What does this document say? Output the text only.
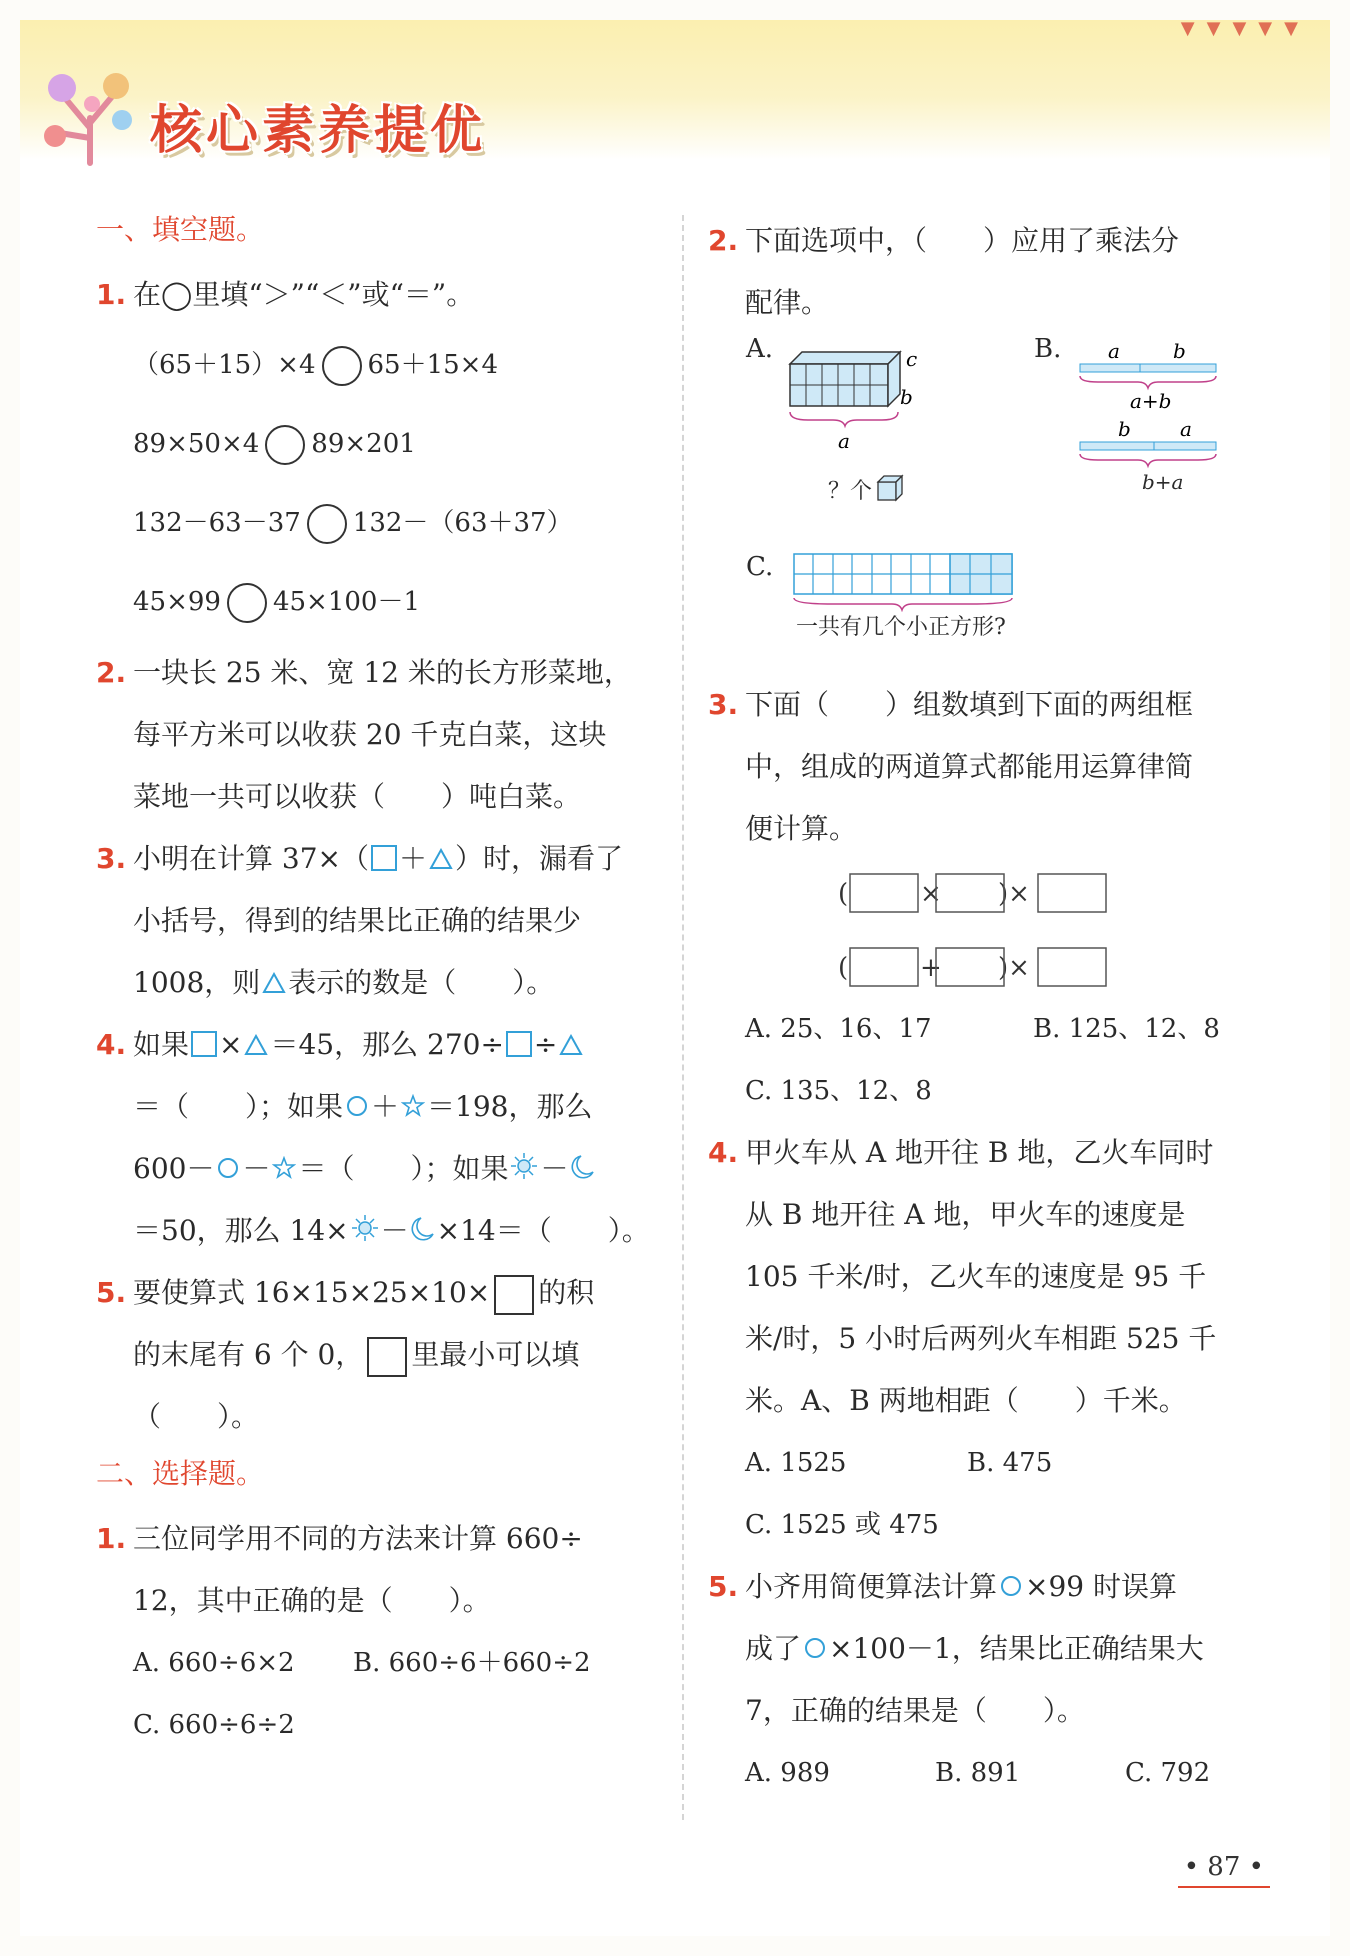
▼▼▼▼▼
核心素养提优
一、填空题。
1. 在◯里填“＞”“＜”或“＝”。
（65＋15）×4 65＋15×4
89×50×4 89×201
132－63－37 132－（63＋37）
45×99 45×100－1
2. 一块长 25 米、宽 12 米的长方形菜地，
每平方米可以收获 20 千克白菜，这块
菜地一共可以收获（　　）吨白菜。
3. 小明在计算 37×（ ＋ ）时，漏看了
小括号，得到的结果比正确的结果少
1008，则 表示的数是（　　）。
4. 如果 × ＝45，那么 270÷ ÷
＝（　　）；如果 ＋ ＝198，那么
600－ － ＝（　　）；如果 －
＝50，那么 14× － ×14＝（　　）。
5. 要使算式 16×15×25×10× 的积
的末尾有 6 个 0， 里最小可以填
（　　）。
二、选择题。
1. 三位同学用不同的方法来计算 660÷
12，其中正确的是（　　）。
A. 660÷6×2 B. 660÷6＋660÷2
C. 660÷6÷2
2. 下面选项中，（　　）应用了乘法分
配律。
A.
a
c
b
？个
B. a	b
a+b
b a
b+a
C.
一共有几个小正方形?
3. 下面（　　）组数填到下面的两组框
中，组成的两道算式都能用运算律简
便计算。
(	× )×
(	+ )×
A. 25、16、17	B. 125、12、8
C. 135、12、8
4. 甲火车从 A 地开往 B 地，乙火车同时
从 B 地开往 A 地，甲火车的速度是
105 千米/时，乙火车的速度是 95 千
米/时，5 小时后两列火车相距 525 千
米。A、B 两地相距（　　）千米。
A. 1525	B. 475
C. 1525 或 475
5. 小齐用简便算法计算 ×99 时误算
成了 ×100－1，结果比正确结果大
7，正确的结果是（　　）。
A. 989	B. 891	C. 792
• 87 •
